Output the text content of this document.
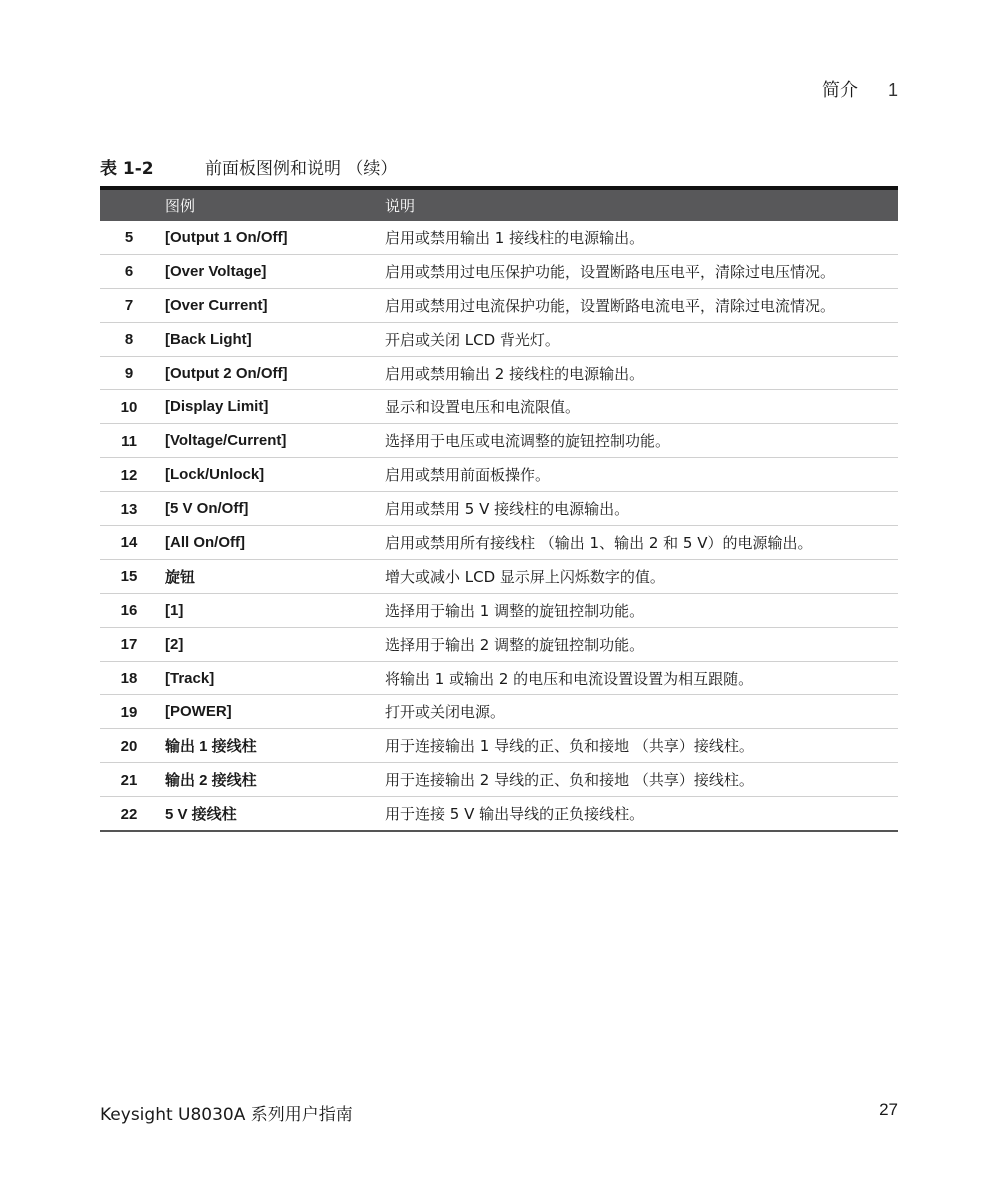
简介 1
表 1-2	前面板图例和说明 （续）
	图例	说明
5	[Output 1 On/Off]	启用或禁用输出 1 接线柱的电源输出。
6	[Over Voltage]	启用或禁用过电压保护功能，设置断路电压电平，清除过电压情况。
7	[Over Current]	启用或禁用过电流保护功能，设置断路电流电平，清除过电流情况。
8	[Back Light]	开启或关闭 LCD 背光灯。
9	[Output 2 On/Off]	启用或禁用输出 2 接线柱的电源输出。
10	[Display Limit]	显示和设置电压和电流限值。
11	[Voltage/Current]	选择用于电压或电流调整的旋钮控制功能。
12	[Lock/Unlock]	启用或禁用前面板操作。
13	[5 V On/Off]	启用或禁用 5 V 接线柱的电源输出。
14	[All On/Off]	启用或禁用所有接线柱 （输出 1、输出 2 和 5 V）的电源输出。
15	旋钮	增大或减小 LCD 显示屏上闪烁数字的值。
16	[1]	选择用于输出 1 调整的旋钮控制功能。
17	[2]	选择用于输出 2 调整的旋钮控制功能。
18	[Track]	将输出 1 或输出 2 的电压和电流设置设置为相互跟随。
19	[POWER]	打开或关闭电源。
20	输出 1 接线柱	用于连接输出 1 导线的正、负和接地 （共享）接线柱。
21	输出 2 接线柱	用于连接输出 2 导线的正、负和接地 （共享）接线柱。
22	5 V 接线柱	用于连接 5 V 输出导线的正负接线柱。
Keysight U8030A 系列用户指南	27
